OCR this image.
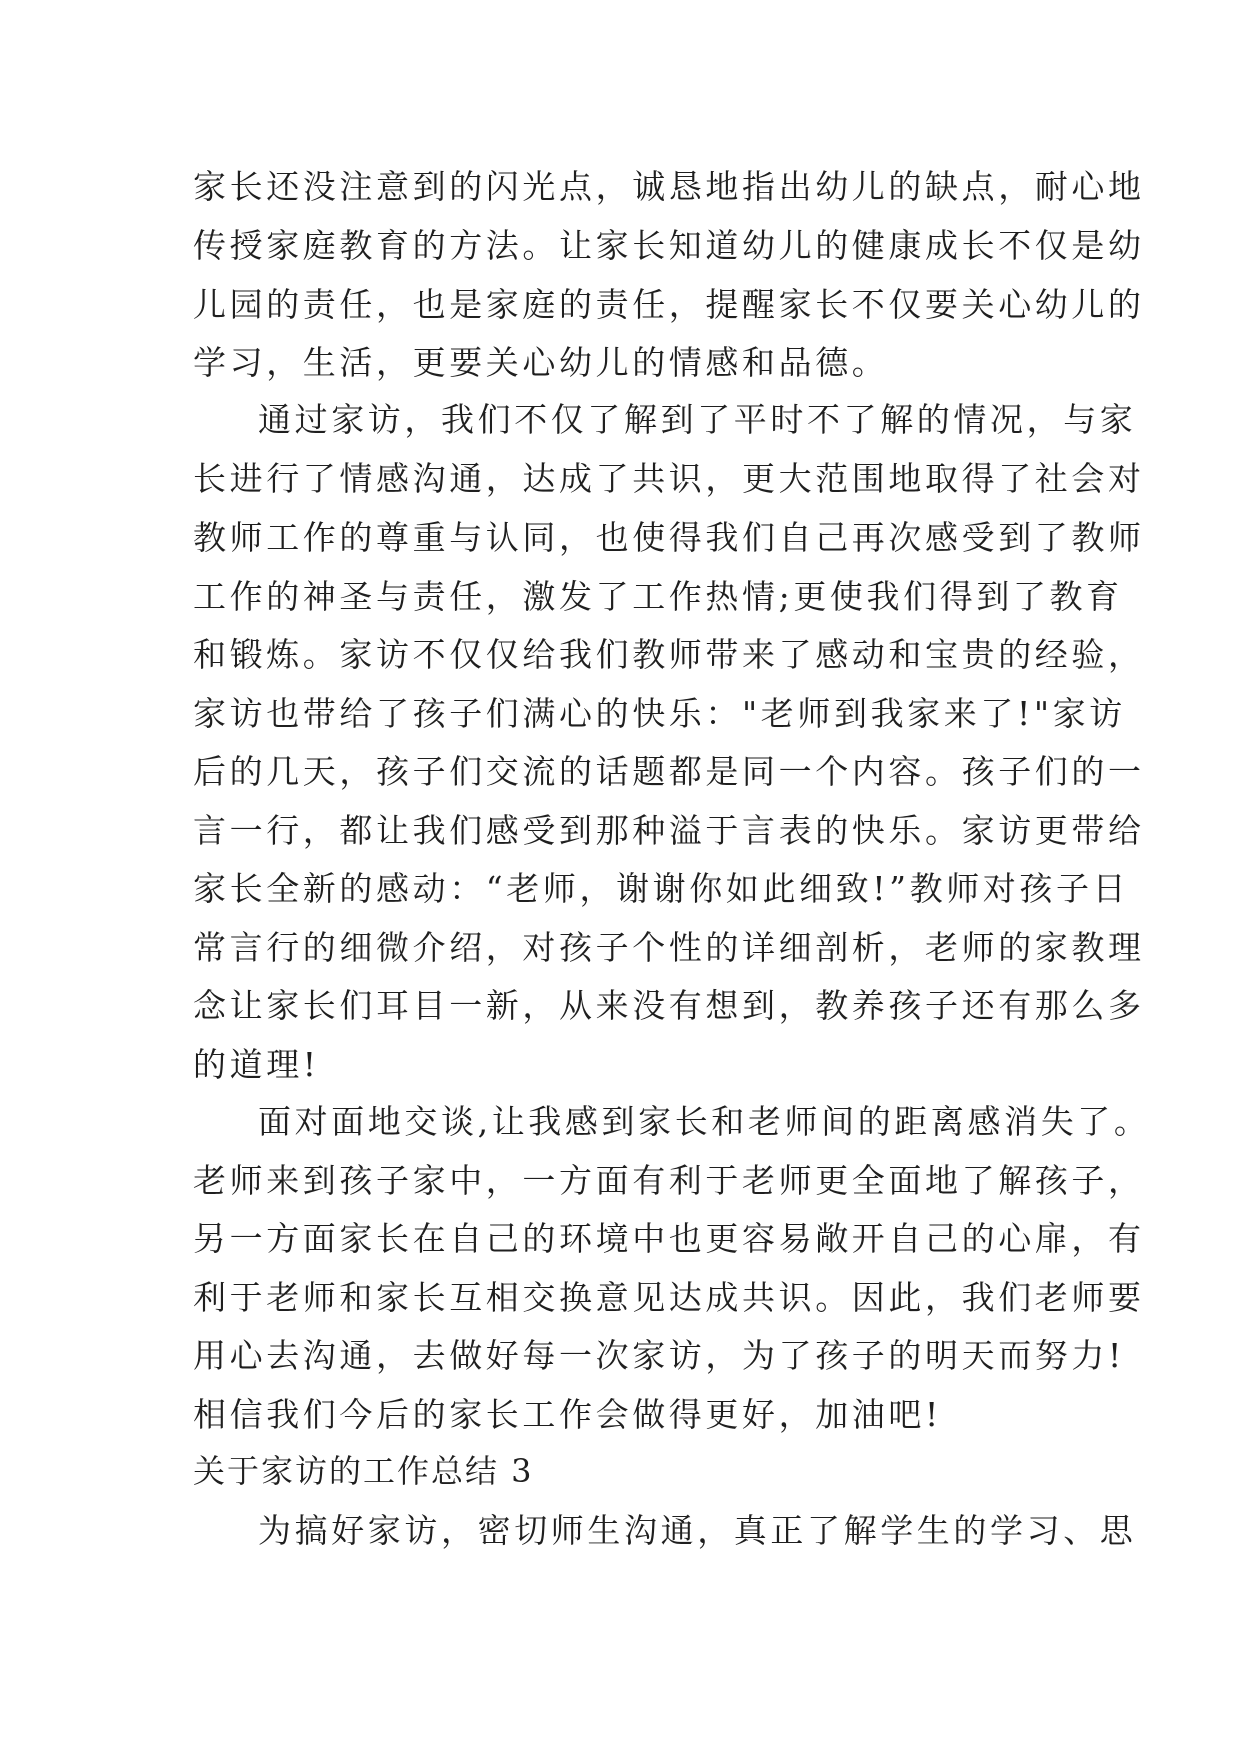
家长还没注意到的闪光点，诚恳地指出幼儿的缺点，耐心地
传授家庭教育的方法。让家长知道幼儿的健康成长不仅是幼
儿园的责任，也是家庭的责任，提醒家长不仅要关心幼儿的
学习，生活，更要关心幼儿的情感和品德。
通过家访，我们不仅了解到了平时不了解的情况，与家
长进行了情感沟通，达成了共识，更大范围地取得了社会对
教师工作的尊重与认同，也使得我们自己再次感受到了教师
工作的神圣与责任，激发了工作热情;更使我们得到了教育
和锻炼。家访不仅仅给我们教师带来了感动和宝贵的经验，
家访也带给了孩子们满心的快乐："老师到我家来了!"家访
后的几天，孩子们交流的话题都是同一个内容。孩子们的一
言一行，都让我们感受到那种溢于言表的快乐。家访更带给
家长全新的感动：“老师，谢谢你如此细致!”教师对孩子日
常言行的细微介绍，对孩子个性的详细剖析，老师的家教理
念让家长们耳目一新，从来没有想到，教养孩子还有那么多
的道理!
面对面地交谈,让我感到家长和老师间的距离感消失了。
老师来到孩子家中，一方面有利于老师更全面地了解孩子，
另一方面家长在自己的环境中也更容易敞开自己的心扉，有
利于老师和家长互相交换意见达成共识。因此，我们老师要
用心去沟通，去做好每一次家访，为了孩子的明天而努力!
相信我们今后的家长工作会做得更好，加油吧!
关于家访的工作总结 3
为搞好家访，密切师生沟通，真正了解学生的学习、思
